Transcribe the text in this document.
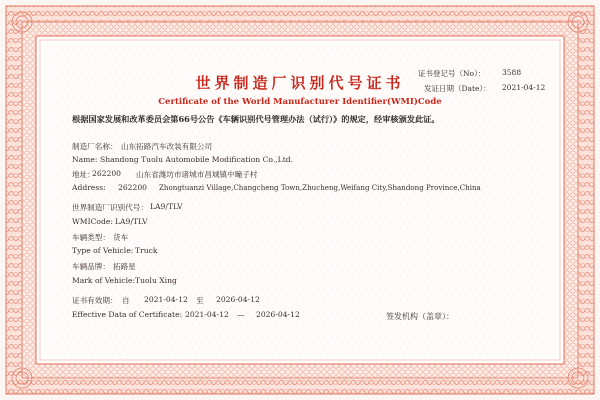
证书登记号（No）： 3588
发证日期（Date）： 2021-04-12
世界制造厂识别代号证书
Certificate of the World Manufacturer Identifier(WMI)Code
根据国家发展和改革委员会第66号公告《车辆识别代号管理办法（试行）》的规定，经审核颁发此证。
制造厂名称： 山东拓路汽车改装有限公司
Name: Shandong Tuolu Automobile Modification Co.,Ltd.
地址：
262200 山东省潍坊市诸城市昌城镇中疃子村
Address: 262200 Zhongtuanzi Village,Changcheng Town,Zhucheng,Weifang City,Shandong Province,China
世界制造厂识别代号： LA9/TLV
WMICode: LA9/TLV
车辆类型： 货车
Type of Vehicle: Truck
车辆品牌： 拓路星
Mark of Vehicle: Tuolu Xing
证书有效期： 自 2021-04-12 至 2026-04-12
Effective Data of Certificate: 2021-04-12 — 2026-04-12	签发机构（盖章）：
